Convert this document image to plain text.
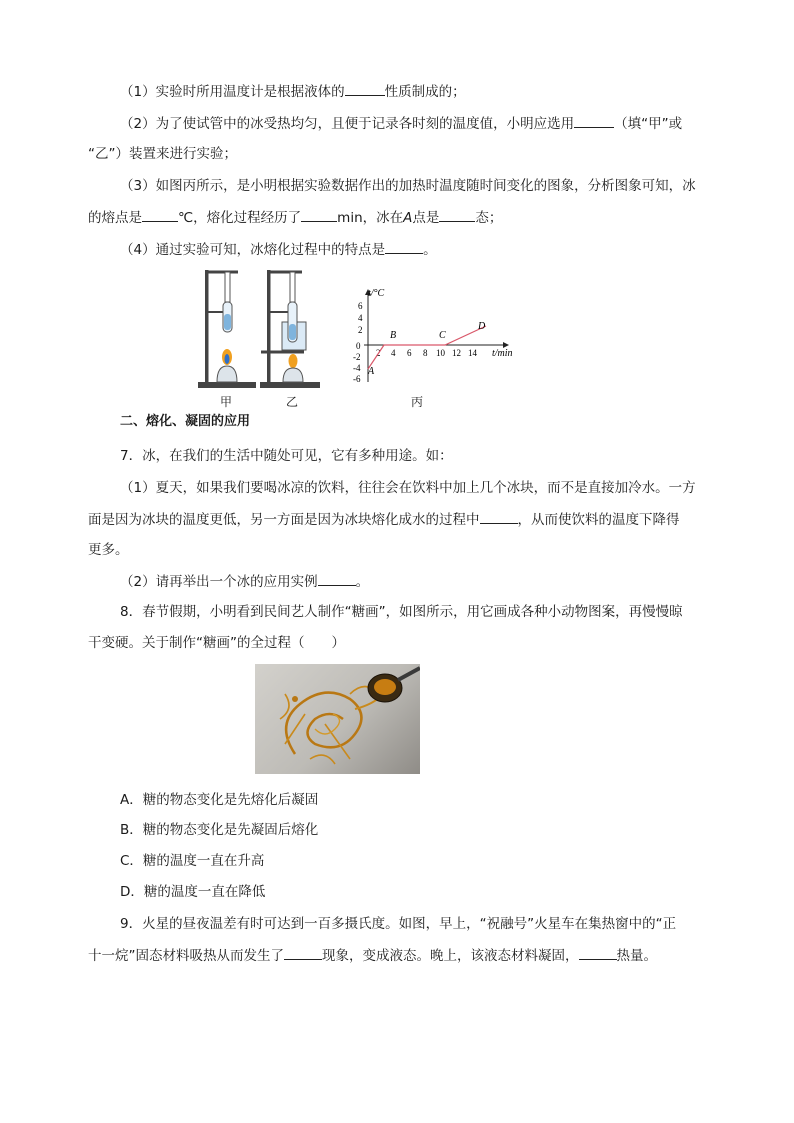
（1）实验时所用温度计是根据液体的	性质制成的；
（2）为了使试管中的冰受热均匀，且便于记录各时刻的温度值，小明应选用	（填“甲”或
“乙”）装置来进行实验；
（3）如图丙所示，是小明根据实验数据作出的加热时温度随时间变化的图象，分析图象可知，冰
的熔点是	℃，熔化过程经历了	min，冰在A点是	态；
（4）通过实验可知，冰熔化过程中的特点是	。
甲	乙
t/°C
t/min
0
2 4 6 8 10 12 14
6
4
2
-2
-4
-6
A
B	C
D
丙
二、熔化、凝固的应用
7．冰，在我们的生活中随处可见，它有多种用途。如：
（1）夏天，如果我们要喝冰凉的饮料，往往会在饮料中加上几个冰块，而不是直接加冷水。一方
面是因为冰块的温度更低，另一方面是因为冰块熔化成水的过程中	，从而使饮料的温度下降得
更多。
（2）请再举出一个冰的应用实例	。
8．春节假期，小明看到民间艺人制作“糖画”，如图所示，用它画成各种小动物图案，再慢慢晾
干变硬。关于制作“糖画”的全过程（　　）
A．糖的物态变化是先熔化后凝固
B．糖的物态变化是先凝固后熔化
C．糖的温度一直在升高
D．糖的温度一直在降低
9．火星的昼夜温差有时可达到一百多摄氏度。如图，早上，“祝融号”火星车在集热窗中的“正
十一烷”固态材料吸热从而发生了	现象，变成液态。晚上，该液态材料凝固，	热量。
